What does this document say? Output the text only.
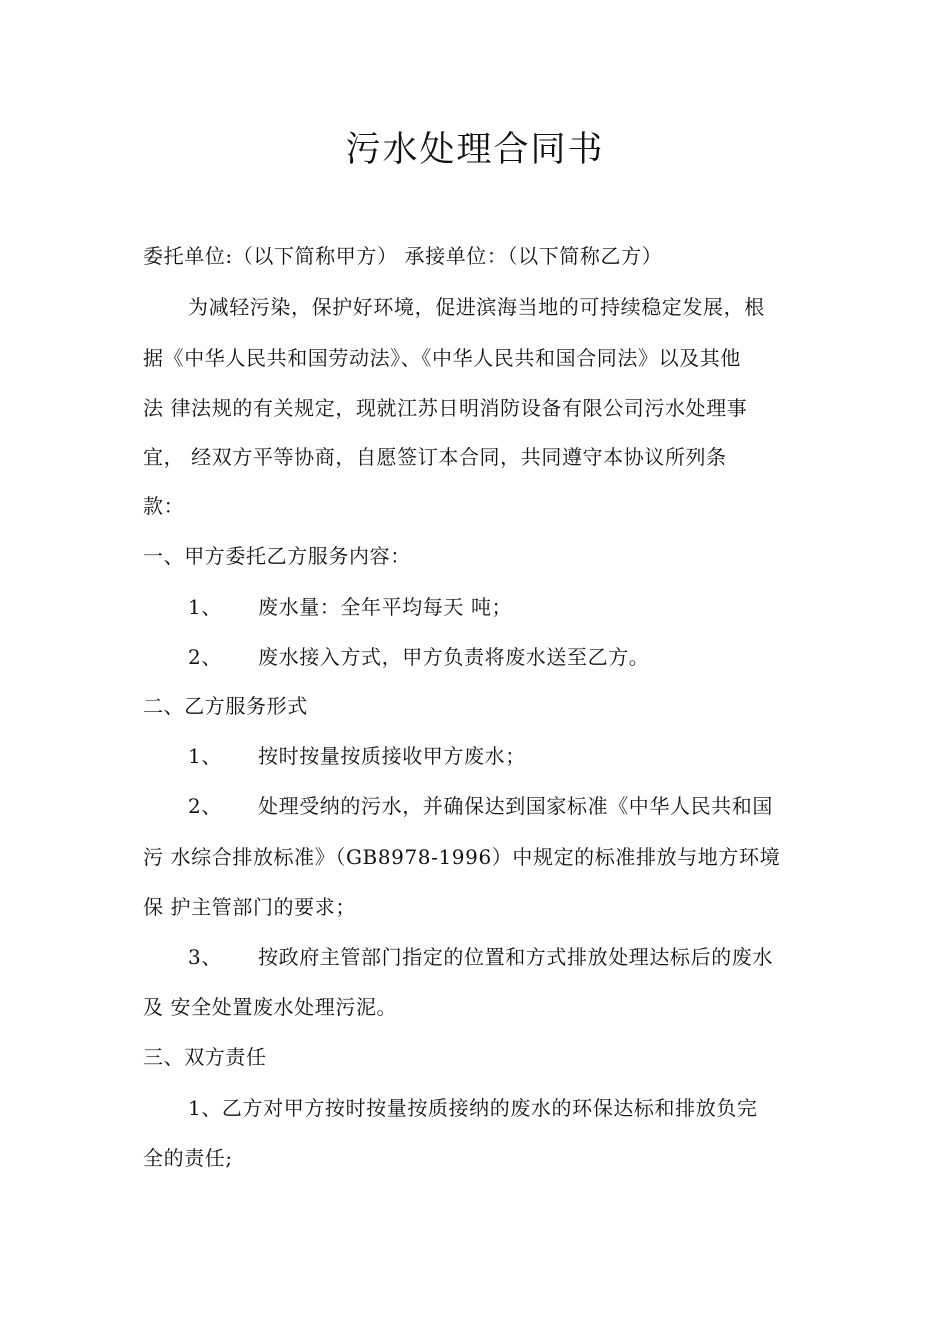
污水处理合同书
委托单位:（以下简称甲方） 承接单位：（以下简称乙方）
为减轻污染，保护好环境，促进滨海当地的可持续稳定发展，根
据《中华人民共和国劳动法》、《中华人民共和国合同法》以及其他
法 律法规的有关规定，现就江苏日明消防设备有限公司污水处理事
宜， 经双方平等协商，自愿签订本合同，共同遵守本协议所列条
款：
一、甲方委托乙方服务内容：
1、 废水量：全年平均每天 吨；
2、 废水接入方式，甲方负责将废水送至乙方。
二、乙方服务形式
1、 按时按量按质接收甲方废水；
2、 处理受纳的污水，并确保达到国家标准《中华人民共和国
污 水综合排放标准》（GB8978-1996）中规定的标准排放与地方环境
保 护主管部门的要求；
3、 按政府主管部门指定的位置和方式排放处理达标后的废水
及 安全处置废水处理污泥。
三、双方责任
1、乙方对甲方按时按量按质接纳的废水的环保达标和排放负完
全的责任;
